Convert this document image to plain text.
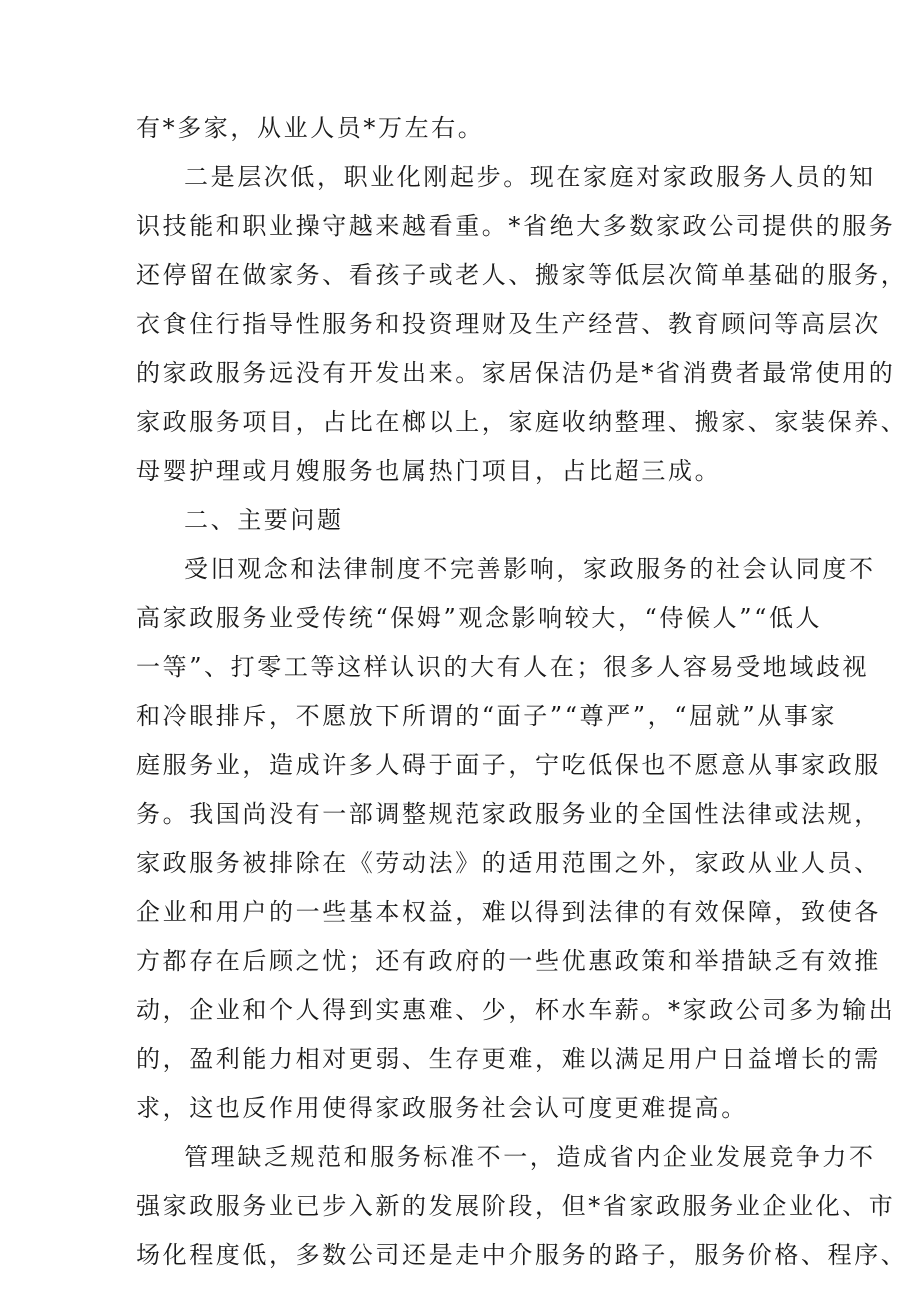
有*多家，从业人员*万左右。
二是层次低，职业化刚起步。现在家庭对家政服务人员的知
识技能和职业操守越来越看重。*省绝大多数家政公司提供的服务
还停留在做家务、看孩子或老人、搬家等低层次简单基础的服务，
衣食住行指导性服务和投资理财及生产经营、教育顾问等高层次
的家政服务远没有开发出来。家居保洁仍是*省消费者最常使用的
家政服务项目，占比在榔以上，家庭收纳整理、搬家、家装保养、
母婴护理或月嫂服务也属热门项目，占比超三成。
二、主要问题
受旧观念和法律制度不完善影响，家政服务的社会认同度不
高家政服务业受传统“保姆”观念影响较大，“侍候人”“低人
一等”、打零工等这样认识的大有人在；很多人容易受地域歧视
和冷眼排斥，不愿放下所谓的“面子”“尊严”，“屈就”从事家
庭服务业，造成许多人碍于面子，宁吃低保也不愿意从事家政服
务。我国尚没有一部调整规范家政服务业的全国性法律或法规，
家政服务被排除在《劳动法》的适用范围之外，家政从业人员、
企业和用户的一些基本权益，难以得到法律的有效保障，致使各
方都存在后顾之忧；还有政府的一些优惠政策和举措缺乏有效推
动，企业和个人得到实惠难、少，杯水车薪。*家政公司多为输出
的，盈利能力相对更弱、生存更难，难以满足用户日益增长的需
求，这也反作用使得家政服务社会认可度更难提高。
管理缺乏规范和服务标准不一，造成省内企业发展竞争力不
强家政服务业已步入新的发展阶段，但*省家政服务业企业化、市
场化程度低，多数公司还是走中介服务的路子，服务价格、程序、
